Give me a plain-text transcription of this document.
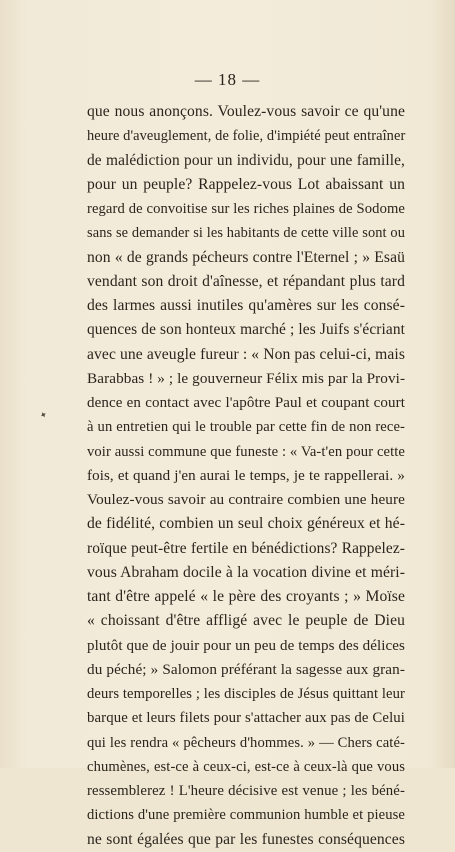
— 18 —
✦
que nous anonçons. Voulez-vous savoir ce qu'une
heure d'aveuglement, de folie, d'impiété peut entraîner
de malédiction pour un individu, pour une famille,
pour un peuple? Rappelez-vous Lot abaissant un
regard de convoitise sur les riches plaines de Sodome
sans se demander si les habitants de cette ville sont ou
non « de grands pécheurs contre l'Eternel ; » Esaü
vendant son droit d'aînesse, et répandant plus tard
des larmes aussi inutiles qu'amères sur les consé-
quences de son honteux marché ; les Juifs s'écriant
avec une aveugle fureur : « Non pas celui-ci, mais
Barabbas ! » ; le gouverneur Félix mis par la Provi-
dence en contact avec l'apôtre Paul et coupant court
à un entretien qui le trouble par cette fin de non rece-
voir aussi commune que funeste : « Va-t'en pour cette
fois, et quand j'en aurai le temps, je te rappellerai. »
Voulez-vous savoir au contraire combien une heure
de fidélité, combien un seul choix généreux et hé-
roïque peut-être fertile en bénédictions? Rappelez-
vous Abraham docile à la vocation divine et méri-
tant d'être appelé « le père des croyants ; » Moïse
« choissant d'être affligé avec le peuple de Dieu
plutôt que de jouir pour un peu de temps des délices
du péché; » Salomon préférant la sagesse aux gran-
deurs temporelles ; les disciples de Jésus quittant leur
barque et leurs filets pour s'attacher aux pas de Celui
qui les rendra « pêcheurs d'hommes. » — Chers caté-
chumènes, est-ce à ceux-ci, est-ce à ceux-là que vous
ressemblerez ! L'heure décisive est venue ; les béné-
dictions d'une première communion humble et pieuse
ne sont égalées que par les funestes conséquences
